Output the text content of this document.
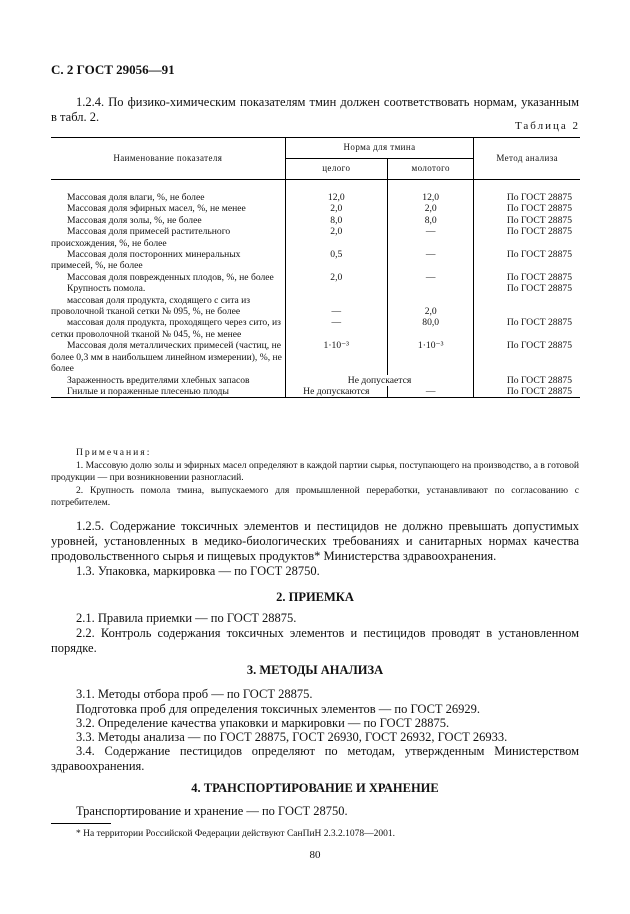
С. 2 ГОСТ 29056—91
1.2.4. По физико-химическим показателям тмин должен соответствовать нормам, указанным в табл. 2.
Таблица 2
Наименование показателя	Норма для тмина		Метод анализа
	целого	молотого	

Массовая доля влаги, %, не более	12,0	12,0	По ГОСТ 28875
Массовая доля эфирных масел, %, не менее	2,0	2,0	По ГОСТ 28875
Массовая доля золы, %, не более	8,0	8,0	По ГОСТ 28875
Массовая доля примесей растительного происхождения, %, не более	2,0	—	По ГОСТ 28875
Массовая доля посторонних минеральных примесей, %, не более	0,5	—	По ГОСТ 28875
Массовая доля поврежденных плодов, %, не более	2,0	—	По ГОСТ 28875
Крупность помола.			По ГОСТ 28875
массовая доля продукта, сходящего с сита из проволочной тканой сетки № 095, %, не более	—	2,0	
массовая доля продукта, проходящего через сито, из сетки проволочной тканой № 045, %, не менее	—	80,0	По ГОСТ 28875
Массовая доля металлических примесей (частиц, не более 0,3 мм в наибольшем линейном измерении), %, не более	1·10⁻³	1·10⁻³	По ГОСТ 28875
Зараженность вредителями хлебных запасов	Не допускается		По ГОСТ 28875
Гнилые и пораженные плесенью плоды	Не допускаются	—	По ГОСТ 28875

Примечания:

1. Массовую долю золы и эфирных масел определяют в каждой партии сырья, поступающего на производство, а в готовой продукции — при возникновении разногласий.

2. Крупность помола тмина, выпускаемого для промышленной переработки, устанавливают по согласованию с потребителем.

1.2.5. Содержание токсичных элементов и пестицидов не должно превышать допустимых уровней, установленных в медико-биологических требованиях и санитарных нормах качества продовольственного сырья и пищевых продуктов* Министерства здравоохранения.
1.3. Упаковка, маркировка — по ГОСТ 28750.
2. ПРИЕМКА
2.1. Правила приемки — по ГОСТ 28875.
2.2. Контроль содержания токсичных элементов и пестицидов проводят в установленном порядке.
3. МЕТОДЫ АНАЛИЗА
3.1. Методы отбора проб — по ГОСТ 28875.
Подготовка проб для определения токсичных элементов — по ГОСТ 26929.
3.2. Определение качества упаковки и маркировки — по ГОСТ 28875.
3.3. Методы анализа — по ГОСТ 28875, ГОСТ 26930, ГОСТ 26932, ГОСТ 26933.
3.4. Содержание пестицидов определяют по методам, утвержденным Министерством здравоохранения.
4. ТРАНСПОРТИРОВАНИЕ И ХРАНЕНИЕ
Транспортирование и хранение — по ГОСТ 28750.
* На территории Российской Федерации действуют СанПиН 2.3.2.1078—2001.
80
